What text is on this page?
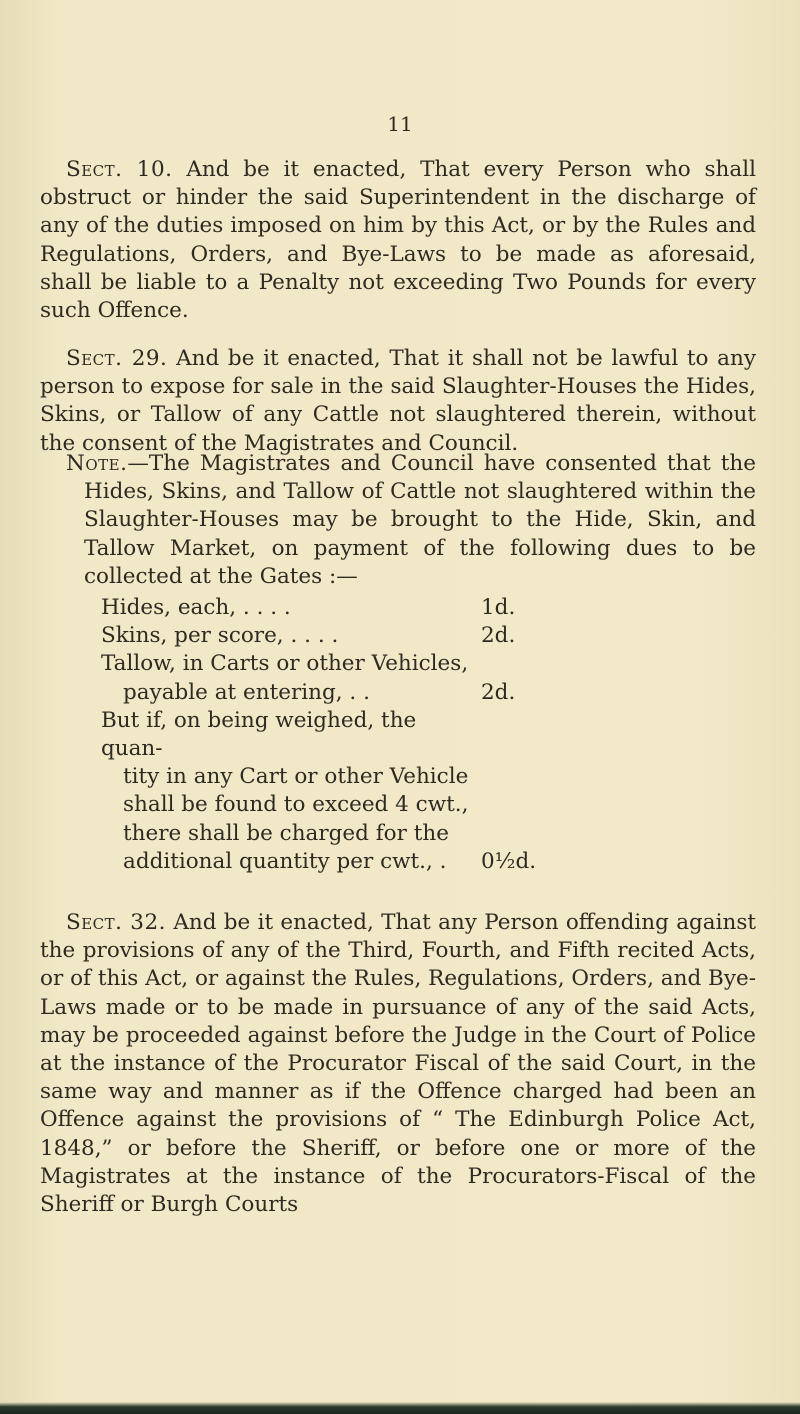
11

Sect. 10. And be it enacted, That every Person who shall obstruct or hinder the said Superintendent in the discharge of any of the duties imposed on him by this Act, or by the Rules and Regulations, Orders, and Bye-Laws to be made as aforesaid, shall be liable to a Penalty not exceeding Two Pounds for every such Offence.

Sect. 29. And be it enacted, That it shall not be lawful to any person to expose for sale in the said Slaughter-Houses the Hides, Skins, or Tallow of any Cattle not slaughtered therein, without the consent of the Magistrates and Council.

Note.—The Magistrates and Council have consented that the Hides, Skins, and Tallow of Cattle not slaughtered within the Slaughter-Houses may be brought to the Hide, Skin, and Tallow Market, on payment of the following dues to be collected at the Gates :—
Hides, each, . . . .	1d.
Skins, per score, . . . .	2d.
Tallow, in Carts or other Vehicles,
payable at entering, . .	2d.
But if, on being weighed, the quan-
tity in any Cart or other Vehicle
shall be found to exceed 4 cwt.,
there shall be charged for the
additional quantity per cwt., .	0½d.

Sect. 32. And be it enacted, That any Person offending against the provisions of any of the Third, Fourth, and Fifth recited Acts, or of this Act, or against the Rules, Regulations, Orders, and Bye-Laws made or to be made in pursuance of any of the said Acts, may be proceeded against before the Judge in the Court of Police at the instance of the Procurator Fiscal of the said Court, in the same way and manner as if the Offence charged had been an Offence against the provisions of “ The Edinburgh Police Act, 1848,” or before the Sheriff, or before one or more of the Magistrates at the instance of the Procurators-Fiscal of the Sheriff or Burgh Courts
